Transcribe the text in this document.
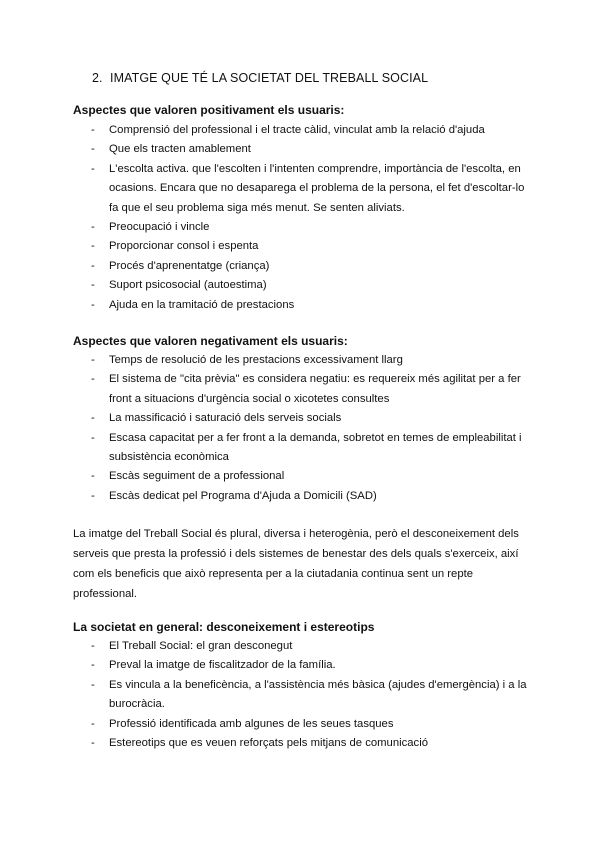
2. IMATGE QUE TÉ LA SOCIETAT DEL TREBALL SOCIAL
Aspectes que valoren positivament els usuaris:
- Comprensió del professional i el tracte càlid, vinculat amb la relació d'ajuda
- Que els tracten amablement
- L'escolta activa. que l'escolten i l'intenten comprendre, importància de l'escolta, en ocasions. Encara que no desaparega el problema de la persona, el fet d'escoltar-lo fa que el seu problema siga més menut. Se senten aliviats.
- Preocupació i vincle
- Proporcionar consol i espenta
- Procés d'aprenentatge (criança)
- Suport psicosocial (autoestima)
- Ajuda en la tramitació de prestacions
Aspectes que valoren negativament els usuaris:
- Temps de resolució de les prestacions excessivament llarg
- El sistema de "cita prèvia" es considera negatiu: es requereix més agilitat per a fer front a situacions d'urgència social o xicotetes consultes
- La massificació i saturació dels serveis socials
- Escasa capacitat per a fer front a la demanda, sobretot en temes de empleabilitat i subsistència econòmica
- Escàs seguiment de a professional
- Escàs dedicat pel Programa d'Ajuda a Domicili (SAD)

La imatge del Treball Social és plural, diversa i heterogènia, però el desconeixement dels serveis que presta la professió i dels sistemes de benestar des dels quals s'exerceix, així com els beneficis que això representa per a la ciutadania continua sent un repte professional.

La societat en general: desconeixement i estereotips
- El Treball Social: el gran desconegut
- Preval la imatge de fiscalitzador de la família.
- Es vincula a la beneficència, a l'assistència més bàsica (ajudes d'emergència) i a la burocràcia.
- Professió identificada amb algunes de les seues tasques
- Estereotips que es veuen reforçats pels mitjans de comunicació
